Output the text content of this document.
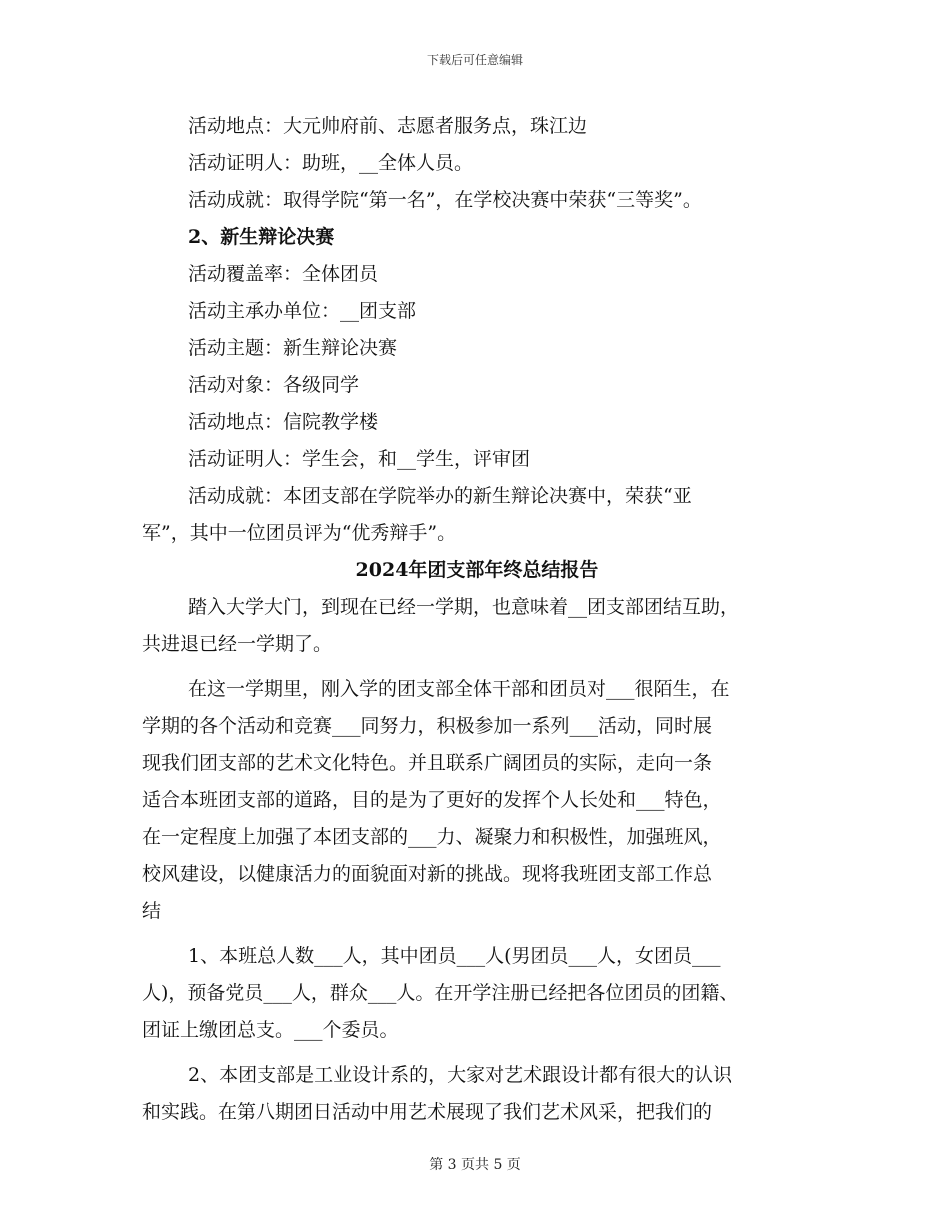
下载后可任意编辑
活动地点：大元帅府前、志愿者服务点，珠江边
活动证明人：助班，__全体人员。
活动成就：取得学院“第一名”，在学校决赛中荣获“三等奖”。
2、新生辩论决赛
活动覆盖率：全体团员
活动主承办单位：__团支部
活动主题：新生辩论决赛
活动对象：各级同学
活动地点：信院教学楼
活动证明人：学生会，和__学生，评审团
活动成就：本团支部在学院举办的新生辩论决赛中，荣获“亚
军”，其中一位团员评为“优秀辩手”。
2024年团支部年终总结报告
踏入大学大门，到现在已经一学期，也意味着__团支部团结互助，
共进退已经一学期了。
在这一学期里，刚入学的团支部全体干部和团员对___很陌生，在
学期的各个活动和竞赛___同努力，积极参加一系列___活动，同时展
现我们团支部的艺术文化特色。并且联系广阔团员的实际，走向一条
适合本班团支部的道路，目的是为了更好的发挥个人长处和___特色，
在一定程度上加强了本团支部的___力、凝聚力和积极性，加强班风，
校风建设，以健康活力的面貌面对新的挑战。现将我班团支部工作总
结
1、本班总人数___人，其中团员___人(男团员___人，女团员___
人)，预备党员___人，群众___人。在开学注册已经把各位团员的团籍、
团证上缴团总支。___个委员。
2、本团支部是工业设计系的，大家对艺术跟设计都有很大的认识
和实践。在第八期团日活动中用艺术展现了我们艺术风采，把我们的
第 3 页共 5 页
